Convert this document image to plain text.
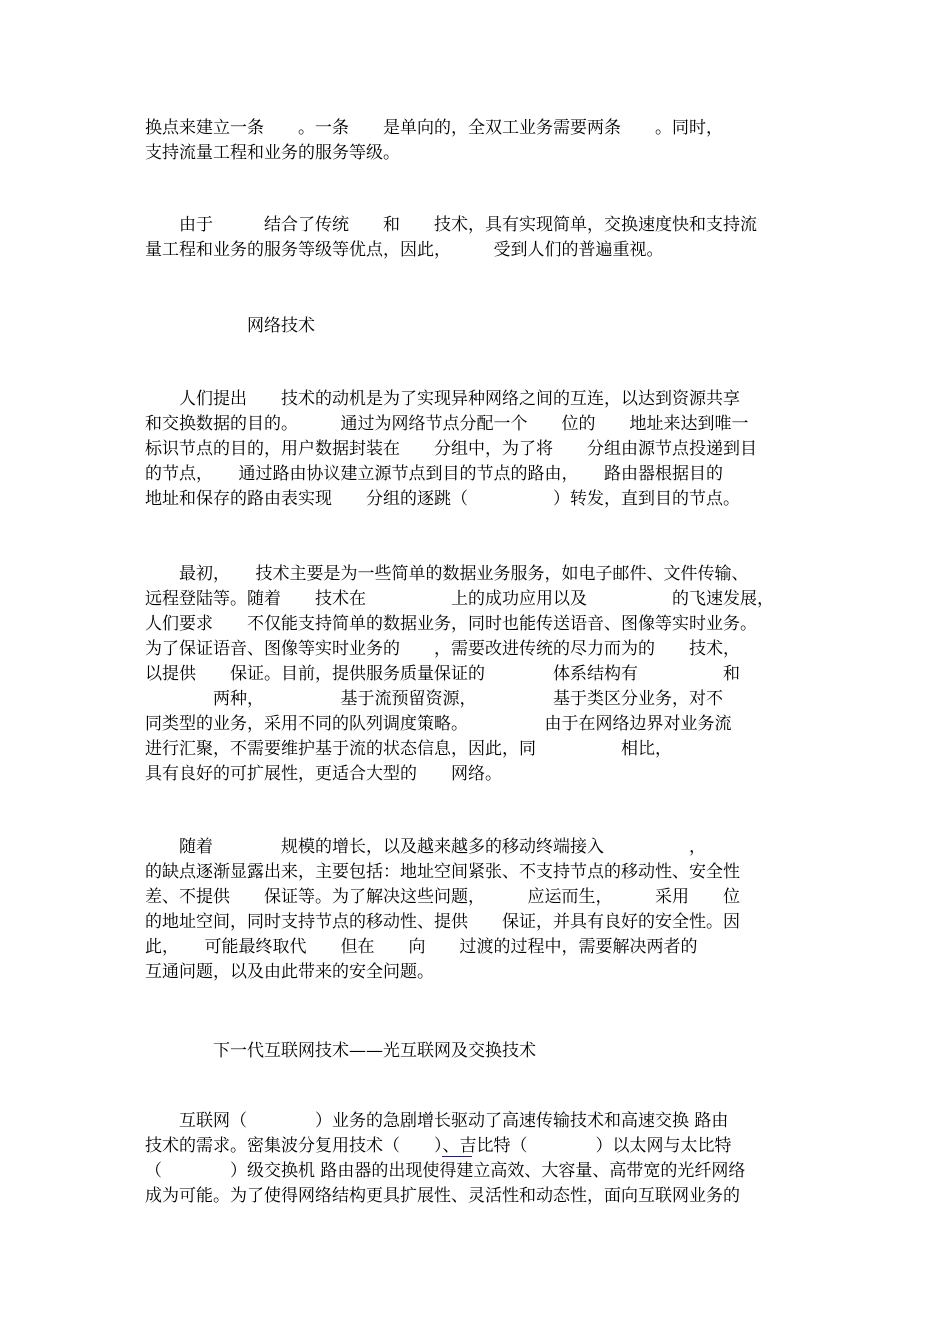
换点来建立一条　　。一条　　是单向的，全双工业务需要两条　　。同时，
支持流量工程和业务的服务等级。
　　由于　　　结合了传统　　和　　技术，具有实现简单，交换速度快和支持流
量工程和业务的服务等级等优点，因此，　　　受到人们的普遍重视。
　　　　　　网络技术
　　人们提出　　技术的动机是为了实现异种网络之间的互连，以达到资源共享
和交换数据的目的。　　　通过为网络节点分配一个　　位的　　地址来达到唯一
标识节点的目的，用户数据封装在　　分组中，为了将　　分组由源节点投递到目
的节点，　　通过路由协议建立源节点到目的节点的路由，　　路由器根据目的
地址和保存的路由表实现　　分组的逐跳（　　　　　）转发，直到目的节点。
　　最初，　　技术主要是为一些简单的数据业务服务，如电子邮件、文件传输、
远程登陆等。随着　　技术在　　　　　上的成功应用以及　　　　　的飞速发展，
人们要求　　不仅能支持简单的数据业务，同时也能传送语音、图像等实时业务。
为了保证语音、图像等实时业务的　　，需要改进传统的尽力而为的　　技术，
以提供　　保证。目前，提供服务质量保证的　　　　体系结构有　　　　　和
　　　　两种，　　　　　基于流预留资源，　　　　　基于类区分业务，对不
同类型的业务，采用不同的队列调度策略。　　　　　由于在网络边界对业务流
进行汇聚，不需要维护基于流的状态信息，因此，同　　　　　相比，
具有良好的可扩展性，更适合大型的　　网络。
　　随着　　　　规模的增长，以及越来越多的移动终端接入　　　　　，
的缺点逐渐显露出来，主要包括：地址空间紧张、不支持节点的移动性、安全性
差、不提供　　保证等。为了解决这些问题，　　　应运而生，　　　采用　　位
的地址空间，同时支持节点的移动性、提供　　保证，并具有良好的安全性。因
此，　　可能最终取代　　但在　　向　　过渡的过程中，需要解决两者的
互通问题，以及由此带来的安全问题。
　　　　下一代互联网技术——光互联网及交换技术
　　互联网（　　　　）业务的急剧增长驱动了高速传输技术和高速交换 路由
技术的需求。密集波分复用技术（　　）、吉比特（　　　　）以太网与太比特
（　　　　）级交换机 路由器的出现使得建立高效、大容量、高带宽的光纤网络
成为可能。为了使得网络结构更具扩展性、灵活性和动态性，面向互联网业务的
